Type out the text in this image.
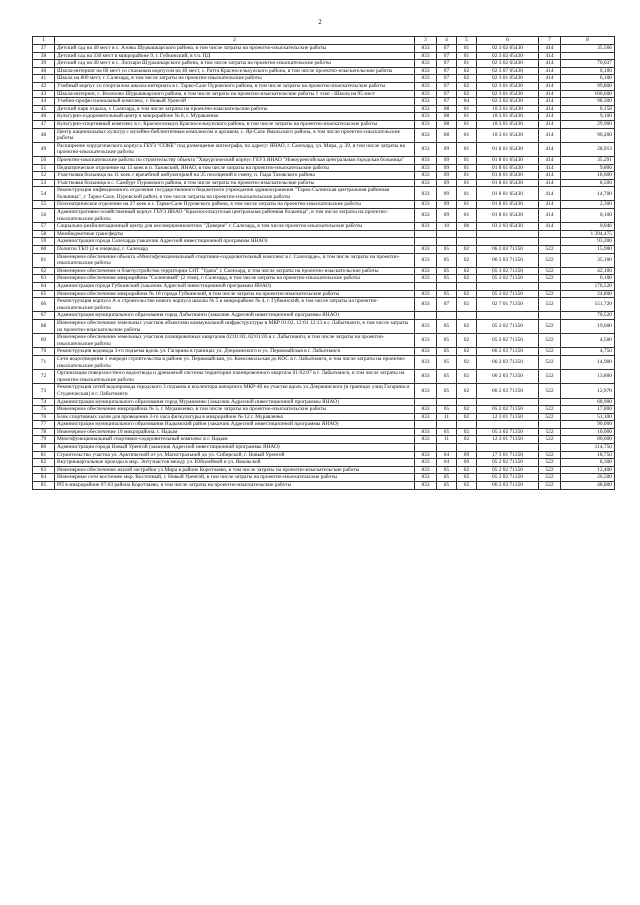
2
1	2	3	4	5	6	7	8
37	Детский сад на 40 мест в с. Азовы Шурышкарского района, в том числе затраты на проектно-изыскательские работы	833	07	01	02 3 02 65430	414	35,566
38	Детский сад на 330 мест в микрорайоне 9, г. Губкинский, в т.ч. ПД	833	07	01	02 3 02 65430	414	
39	Детский сад на 40 мест в с. Лопхари Шурышкарского района, в том числе затраты на проектно-изыскательские работы	833	07	01	02 3 02 65430	414	70,037
40	Школа-интернат на 60 мест со спальным корпусом на 40 мест, с. Ратта Красноселькупского района, в том числе проектно-изыскательские работы	833	07	02	02 3 07 65430	414	0,100
41	Школа на 800 мест, г. Салехард, в том числе затраты на проектно-изыскательские работы	833	07	02	02 3 01 65430	414	6,100
42	Учебный корпус со спортзалом школы-интерната в г. Тарко-Сале Пуровского района, в том числе затраты на проектно-изыскательские работы	833	07	02	02 3 01 65430	414	99,800
43	Школа-интернат, с. Восяхово Шурышкарского района, в том числе затраты на проектно-изыскательские работы 1 этап - Школа на 95 мест	833	07	02	02 3 01 65430	414	100,600
44	Учебно-профессиональный комплекс, г. Новый Уренгой	833	07	04	02 3 02 65430	414	98,300
45	Детский парк отдыха, г. Салехард, в том числе затраты на проектно-изыскательские работы	833	08	01	10 3 01 65430	414	0,158
46	Культурно-оздоровительный центр в микрорайоне № 8, г. Муравленко	833	08	01	10 3 01 65430	414	9,100
47	Культурно-спортивный комплекс в с. Красноселькуп Красноселькупского района, в том числе затраты на проектно-изыскательские работы	833	08	01	10 3 01 65430	414	29,900
48	Центр национальных культур с музейно-библиотечным комплексом и архивом, с. Яр-Сале Ямальского района, в том числе проектно-изыскательские работы	833	08	01	10 3 01 65430	414	90,200
49	Расширение хирургического корпуса ГБУЗ "СОКБ" под размещение ангиографа, по адресу: ЯНАО, г. Салехард, ул. Мира, д. 39, в том числе затраты на проектно-изыскательские работы	833	09	01	01 8 01 65430	414	28,913
50	Проектно-изыскательские работы по строительству объекта "Хирургический корпус ГБУЗ ЯНАО "Новоуренгойская центральная городская больница"	833	09	01	01 8 01 65430	414	35,291
51	Педиатрическое отделение на 13 коек в п. Тазовский, ЯНАО, в том числе затраты на проектно-изыскательские работы	833	09	01	01 8 01 65430	414	9,800
52	Участковая больница на 11 коек с врачебной амбулаторией на 35 посещений в смену, п. Гыда Тазовского района	833	09	01	01 8 01 65430	414	18,600
53	Участковая больница в с. Самбург Пуровского района, в том числе затраты на проектно-изыскательские работы	833	09	01	01 8 01 65430	414	8,500
54	Реконструкция инфекционного отделения государственного бюджетного учреждения здравоохранения "Тарко-Салинская центральная районная больница", г. Тарко-Сале, Пуровский район, в том числе затраты на проектно-изыскательские работы	833	09	01	01 8 01 65430	414	14,700
55	Психиатрическое отделение на 27 коек в г. Тарко-Сале Пуровского района, в том числе затраты на проектно-изыскательские работы	833	09	01	01 8 01 65430	414	2,300
56	Административно-хозяйственный корпус ГБУЗ ЯНАО "Красноселькупская центральная районная больница", в том числе затраты на проектно-изыскательские работы	833	09	01	01 8 01 65430	414	0,100
57	Социально-реабилитационный центр для несовершеннолетних "Доверие" г. Салехард, в том числе проектно-изыскательские работы	833	10	06	03 2 03 65430	414	0,046
58	Межбюджетные трансферты						1 394,475
59	Администрация города Салехарда (заказчик Адресной инвестиционной программы ЯНАО)						93,200
60	Полигон ТБО (2-я очередь), г. Салехард	833	05	02	06 2 03 71350	522	15,900
61	Инженерное обеспечение объекта «Многофункциональный спортивно-оздоровительный комплекс в г. Салехарде», в том числе затраты на проектно-изыскательские работы	833	05	02	06 2 03 71350	522	35,100
62	Инженерное обеспечение и благоустройство территории СНТ "Удача" г. Салехард, в том числе затраты на проектно-изыскательские работы	833	05	02	05 3 02 71350	522	42,100
63	Инженерное обеспечение микрорайона "Солнечный" (2 этап), г. Салехард, в том числе затраты на проектно-изыскательские работы	833	05	02	05 3 02 71350	522	0,100
64	Администрация города Губкинский (заказчик Адресной инвестиционной программы ЯНАО)						176,520
65	Инженерное обеспечение микрорайона № 18 города Губкинский, в том числе затраты на проектно-изыскательские работы	833	05	02	05 3 02 71350	522	24,800
66	Реконструкция корпуса А и строительство нового корпуса школы № 5 в микрорайоне № 4, г. Губкинский, в том числе затраты на проектно-изыскательские работы	833	07	02	02 7 01 71350	522	151,720
67	Администрация муниципального образования город Лабытнанги (заказчик Адресной инвестиционной программы ЯНАО)						70,520
68	Инженерное обеспечение земельных участков объектами коммунальной инфраструктуры в МКР 01:02, 12:01 12:13 в г. Лабытнанги, в том числе затраты на проектно-изыскательские работы	833	05	02	05 3 02 71350	522	19,600
69	Инженерное обеспечение земельных участков планировочных кварталов 02:01:02, 02:01:03 в г. Лабытнанги, в том числе затраты на проектно-изыскательские работы	833	05	02	05 2 02 71350	522	4,500
70	Реконструкция водовода 3-го подъема вдоль ул. Гагарина в границах ул. Дзержинского и ул. Первомайская в г. Лабытнанги	833	05	02	06 2 03 71350	522	4,750
71	Сети водоотведения 1 очереди строительства в районе ул. Первомайская, ул. Комсомольская до КОС в г. Лабытнанги, в том числе затраты на проектно-изыскательские работы	833	05	02	06 2 03 71350	522	14,900
72	Организация поверхностного водоотвода и дренажной системы территории планировочного квартала 01:02:07 в г. Лабытнанги, в том числе затраты на проектно-изыскательские работы	833	05	02	06 2 03 71350	522	13,800
73	Реконструкция сетей водопровода городского 3 подъема и коллектора напорного МКР-40 на участке вдоль ул.Дзержинского (в границах улиц Гагарина и Студенческая) в г. Лабытнанги	833	05	02	06 2 03 71350	522	12,970
74	Администрация муниципального образования город Муравленко (заказчик Адресной инвестиционной программы ЯНАО)						68,900
75	Инженерное обеспечение микрорайона № 5, г. Муравленко, в том числе затраты на проектно-изыскательские работы	833	05	02	05 2 02 71350	522	17,800
76	Блок спортивных залов для проведения 3-го часа физкультуры в микрорайоне № 12 г. Муравленко	833	11	02	12 3 01 71350	522	51,100
77	Администрация муниципального образования Надымский район (заказчик Адресной инвестиционной программы ЯНАО)						90,000
78	Инженерное обеспечение 16 микрорайона, г. Надым	833	05	02	05 3 02 71350	522	10,000
79	Многофункциональный спортивно-оздоровительный комплекс в г. Надым	833	11	02	12 3 01 71350	522	80,000
80	Администрация города Новый Уренгой (заказчик Адресной инвестиционной программы ЯНАО)						114,750
81	Строительство участка ул. Арктической от ул. Магистральной до ул. Сибирской, г. Новый Уренгой	833	04	09	17 3 01 71350	522	18,750
82	Внутриквартальные проезды в мкр. Энтузиастов между ул. Юбилейной и ул. Ямальской	833	04	09	05 2 02 71350	522	8,300
83	Инженерное обеспечение жилой застройки ул.Мира в районе Коротчаево, в том числе затраты на проектно-изыскательские работы	833	05	02	05 2 02 71350	522	12,400
84	Инженерные сети восточнее мкр. Восточный, г. Новый Уренгой, в том числе затраты на проектно-изыскательские работы	833	05	02	05 2 02 71350	522	26,500
85	РП в микрорайоне 07:03 района Коротчаево, в том числе затраты на проектно-изыскательские работы	833	05	02	06 2 03 71350	522	48,800
